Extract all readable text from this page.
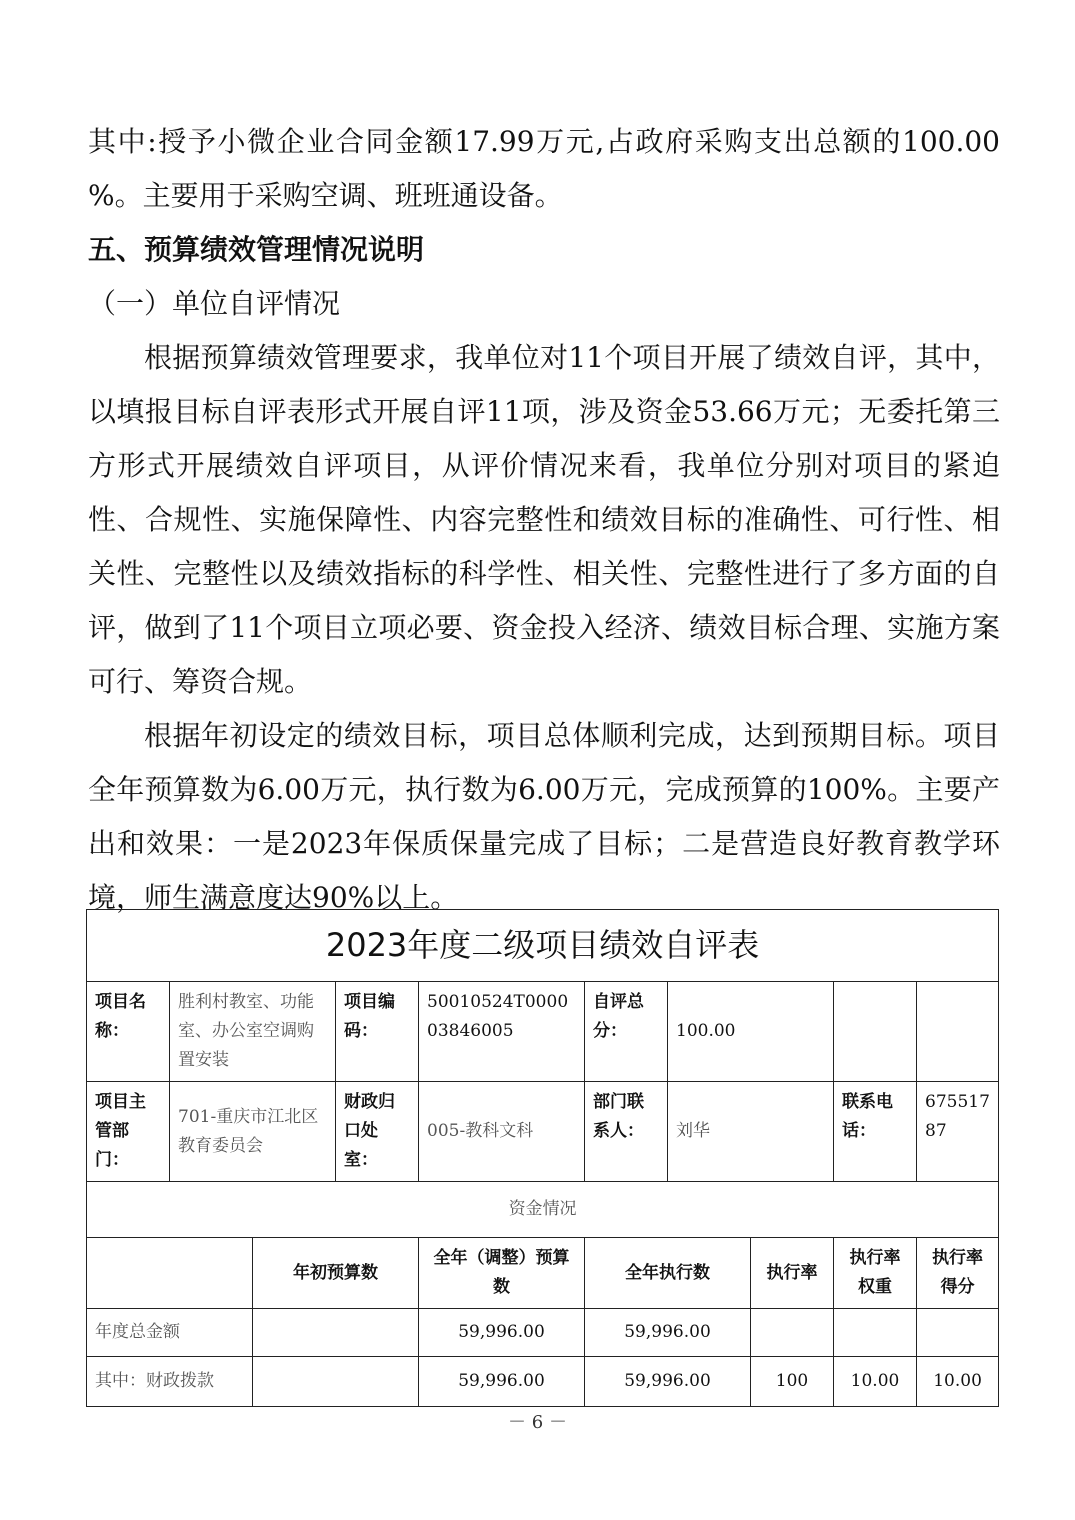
其中:授予小微企业合同金额17.99万元,占政府采购支出总额的100.00 %。主要用于采购空调、班班通设备。

五、预算绩效管理情况说明

（一）单位自评情况

根据预算绩效管理要求，我单位对11个项目开展了绩效自评，其中，以填报目标自评表形式开展自评11项，涉及资金53.66万元；无委托第三方形式开展绩效自评项目，从评价情况来看，我单位分别对项目的紧迫性、合规性、实施保障性、内容完整性和绩效目标的准确性、可行性、相关性、完整性以及绩效指标的科学性、相关性、完整性进行了多方面的自评，做到了11个项目立项必要、资金投入经济、绩效目标合理、实施方案可行、筹资合规。

根据年初设定的绩效目标，项目总体顺利完成，达到预期目标。项目全年预算数为6.00万元，执行数为6.00万元，完成预算的100%。主要产出和效果：一是2023年保质保量完成了目标；二是营造良好教育教学环境，师生满意度达90%以上。

2023年度二级项目绩效自评表									
项目名称：	胜利村教室、功能室、办公室空调购置安装		项目编码：	50010524T000003846005	自评总分：	100.00			
项目主管部门：	701-重庆市江北区教育委员会		财政归口处室：	005-教科文科	部门联系人：	刘华		联系电话：	67551787
资金情况									
		年初预算数		全年（调整）预算数	全年执行数		执行率	执行率权重	执行率得分
年度总金额				59,996.00	59,996.00				
其中：财政拨款				59,996.00	59,996.00		100	10.00	10.00
－ 6 －
